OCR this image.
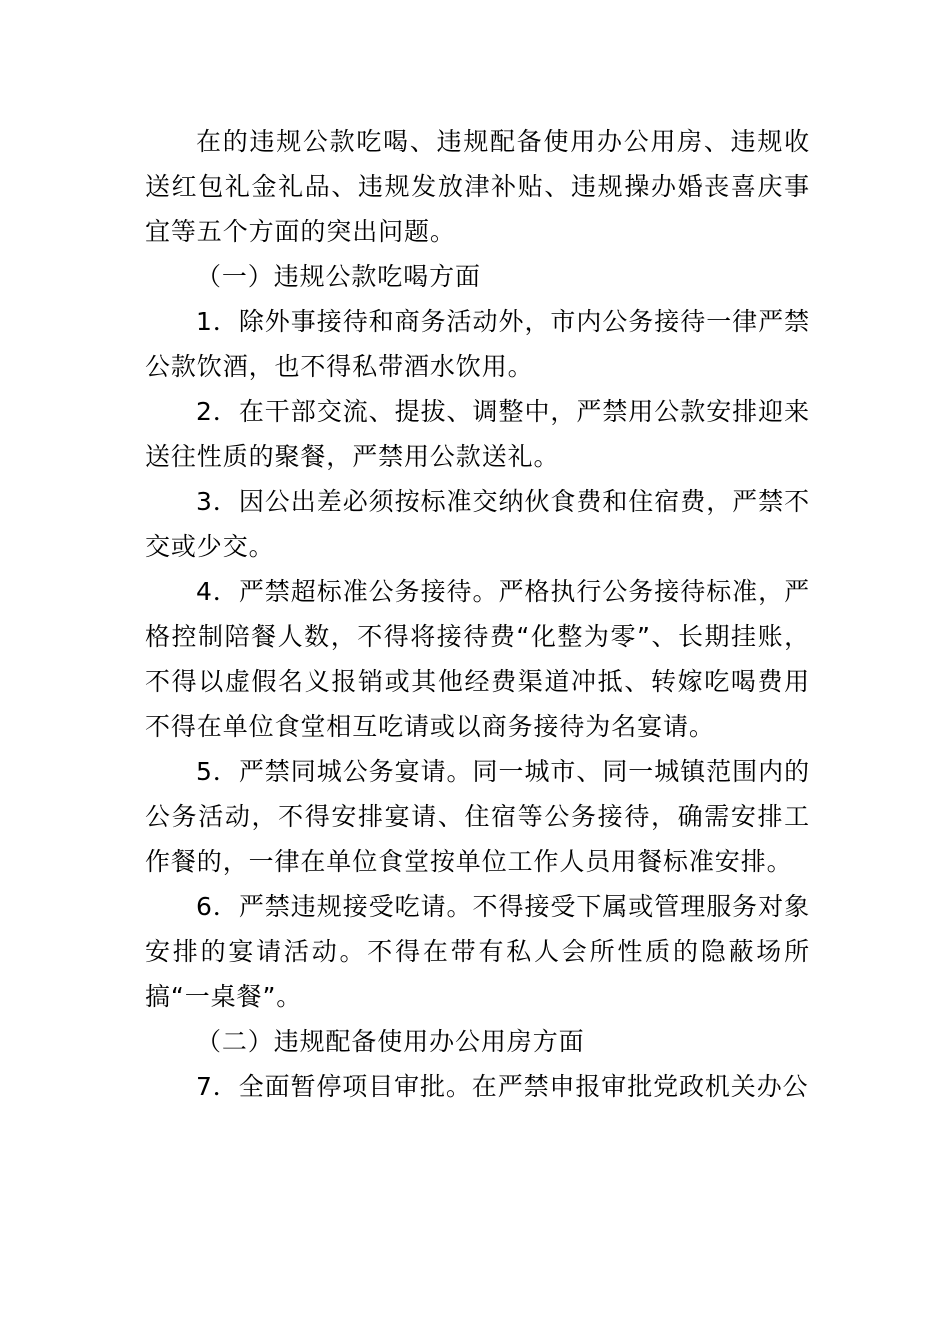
在的违规公款吃喝、违规配备使用办公用房、违规收送红包礼金礼品、违规发放津补贴、违规操办婚丧喜庆事宜等五个方面的突出问题。

（一）违规公款吃喝方面

1．除外事接待和商务活动外，市内公务接待一律严禁公款饮酒，也不得私带酒水饮用。

2．在干部交流、提拔、调整中，严禁用公款安排迎来送往性质的聚餐，严禁用公款送礼。

3．因公出差必须按标准交纳伙食费和住宿费，严禁不交或少交。

4．严禁超标准公务接待。严格执行公务接待标准，严格控制陪餐人数，不得将接待费“化整为零”、长期挂账，不得以虚假名义报销或其他经费渠道冲抵、转嫁吃喝费用不得在单位食堂相互吃请或以商务接待为名宴请。

5．严禁同城公务宴请。同一城市、同一城镇范围内的公务活动，不得安排宴请、住宿等公务接待，确需安排工作餐的，一律在单位食堂按单位工作人员用餐标准安排。

6．严禁违规接受吃请。不得接受下属或管理服务对象安排的宴请活动。不得在带有私人会所性质的隐蔽场所搞“一桌餐”。

（二）违规配备使用办公用房方面

7．全面暂停项目审批。在严禁申报审批党政机关办公
